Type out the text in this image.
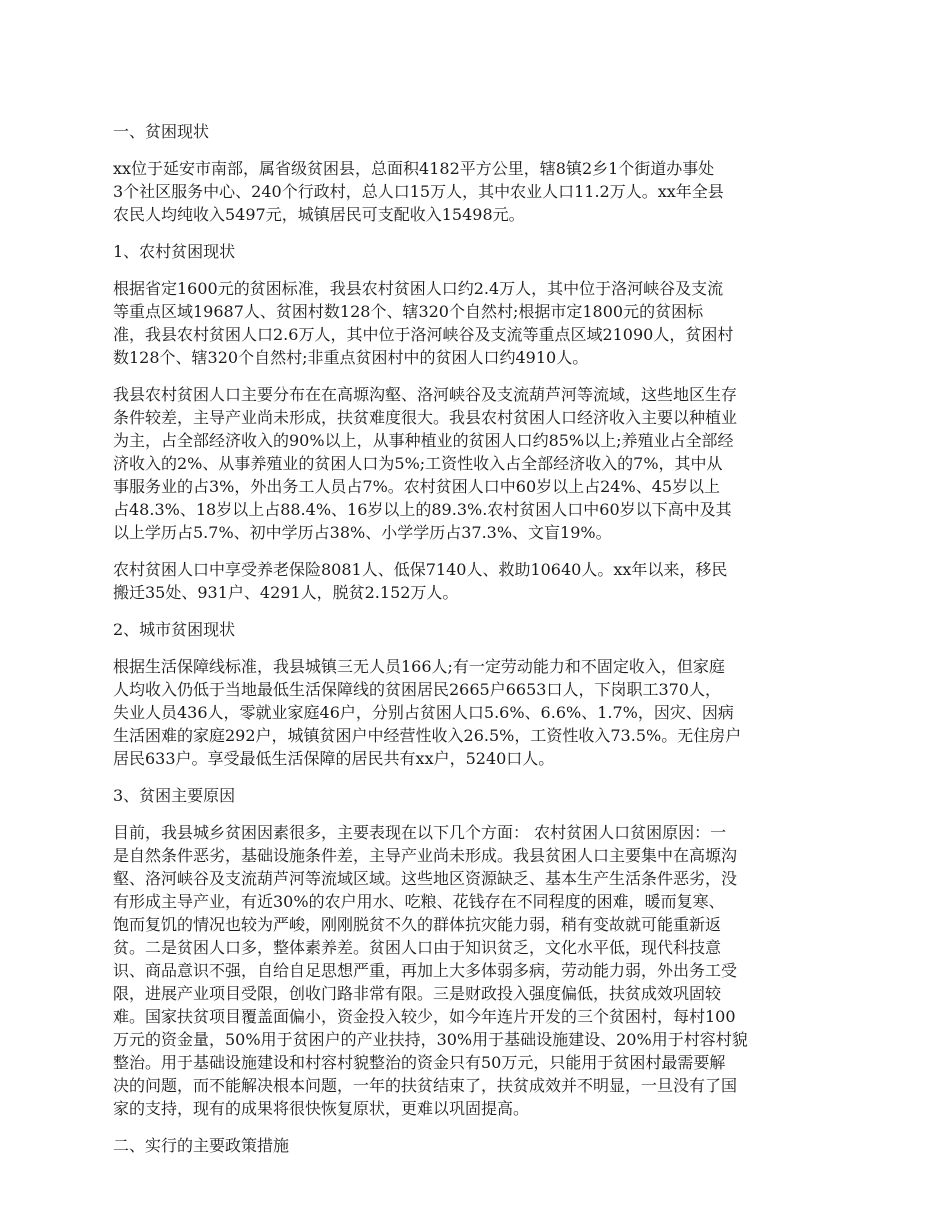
一、贫困现状
xx位于延安市南部，属省级贫困县，总面积4182平方公里，辖8镇2乡1个街道办事处
3个社区服务中心、240个行政村，总人口15万人，其中农业人口11.2万人。xx年全县
农民人均纯收入5497元，城镇居民可支配收入15498元。
1、农村贫困现状
根据省定1600元的贫困标准，我县农村贫困人口约2.4万人，其中位于洛河峡谷及支流
等重点区域19687人、贫困村数128个、辖320个自然村;根据市定1800元的贫困标
准，我县农村贫困人口2.6万人，其中位于洛河峡谷及支流等重点区域21090人，贫困村
数128个、辖320个自然村;非重点贫困村中的贫困人口约4910人。
我县农村贫困人口主要分布在在高塬沟壑、洛河峡谷及支流葫芦河等流域，这些地区生存
条件较差，主导产业尚未形成，扶贫难度很大。我县农村贫困人口经济收入主要以种植业
为主，占全部经济收入的90%以上，从事种植业的贫困人口约85%以上;养殖业占全部经
济收入的2%、从事养殖业的贫困人口为5%;工资性收入占全部经济收入的7%，其中从
事服务业的占3%，外出务工人员占7%。农村贫困人口中60岁以上占24%、45岁以上
占48.3%、18岁以上占88.4%、16岁以上的89.3%.农村贫困人口中60岁以下高中及其
以上学历占5.7%、初中学历占38%、小学学历占37.3%、文盲19%。
农村贫困人口中享受养老保险8081人、低保7140人、救助10640人。xx年以来，移民
搬迁35处、931户、4291人，脱贫2.152万人。
2、城市贫困现状
根据生活保障线标准，我县城镇三无人员166人;有一定劳动能力和不固定收入，但家庭
人均收入仍低于当地最低生活保障线的贫困居民2665户6653口人，下岗职工370人，
失业人员436人，零就业家庭46户，分别占贫困人口5.6%、6.6%、1.7%，因灾、因病
生活困难的家庭292户，城镇贫困户中经营性收入26.5%，工资性收入73.5%。无住房户
居民633户。享受最低生活保障的居民共有xx户，5240口人。
3、贫困主要原因
目前，我县城乡贫困因素很多，主要表现在以下几个方面： 农村贫困人口贫困原因：一
是自然条件恶劣，基础设施条件差，主导产业尚未形成。我县贫困人口主要集中在高塬沟
壑、洛河峡谷及支流葫芦河等流域区域。这些地区资源缺乏、基本生产生活条件恶劣，没
有形成主导产业，有近30%的农户用水、吃粮、花钱存在不同程度的困难，暖而复寒、
饱而复饥的情况也较为严峻，刚刚脱贫不久的群体抗灾能力弱，稍有变故就可能重新返
贫。二是贫困人口多，整体素养差。贫困人口由于知识贫乏，文化水平低，现代科技意
识、商品意识不强，自给自足思想严重，再加上大多体弱多病，劳动能力弱，外出务工受
限，进展产业项目受限，创收门路非常有限。三是财政投入强度偏低，扶贫成效巩固较
难。国家扶贫项目覆盖面偏小，资金投入较少，如今年连片开发的三个贫困村，每村100
万元的资金量，50%用于贫困户的产业扶持，30%用于基础设施建设、20%用于村容村貌
整治。用于基础设施建设和村容村貌整治的资金只有50万元，只能用于贫困村最需要解
决的问题，而不能解决根本问题，一年的扶贫结束了，扶贫成效并不明显，一旦没有了国
家的支持，现有的成果将很快恢复原状，更难以巩固提高。
二、实行的主要政策措施
